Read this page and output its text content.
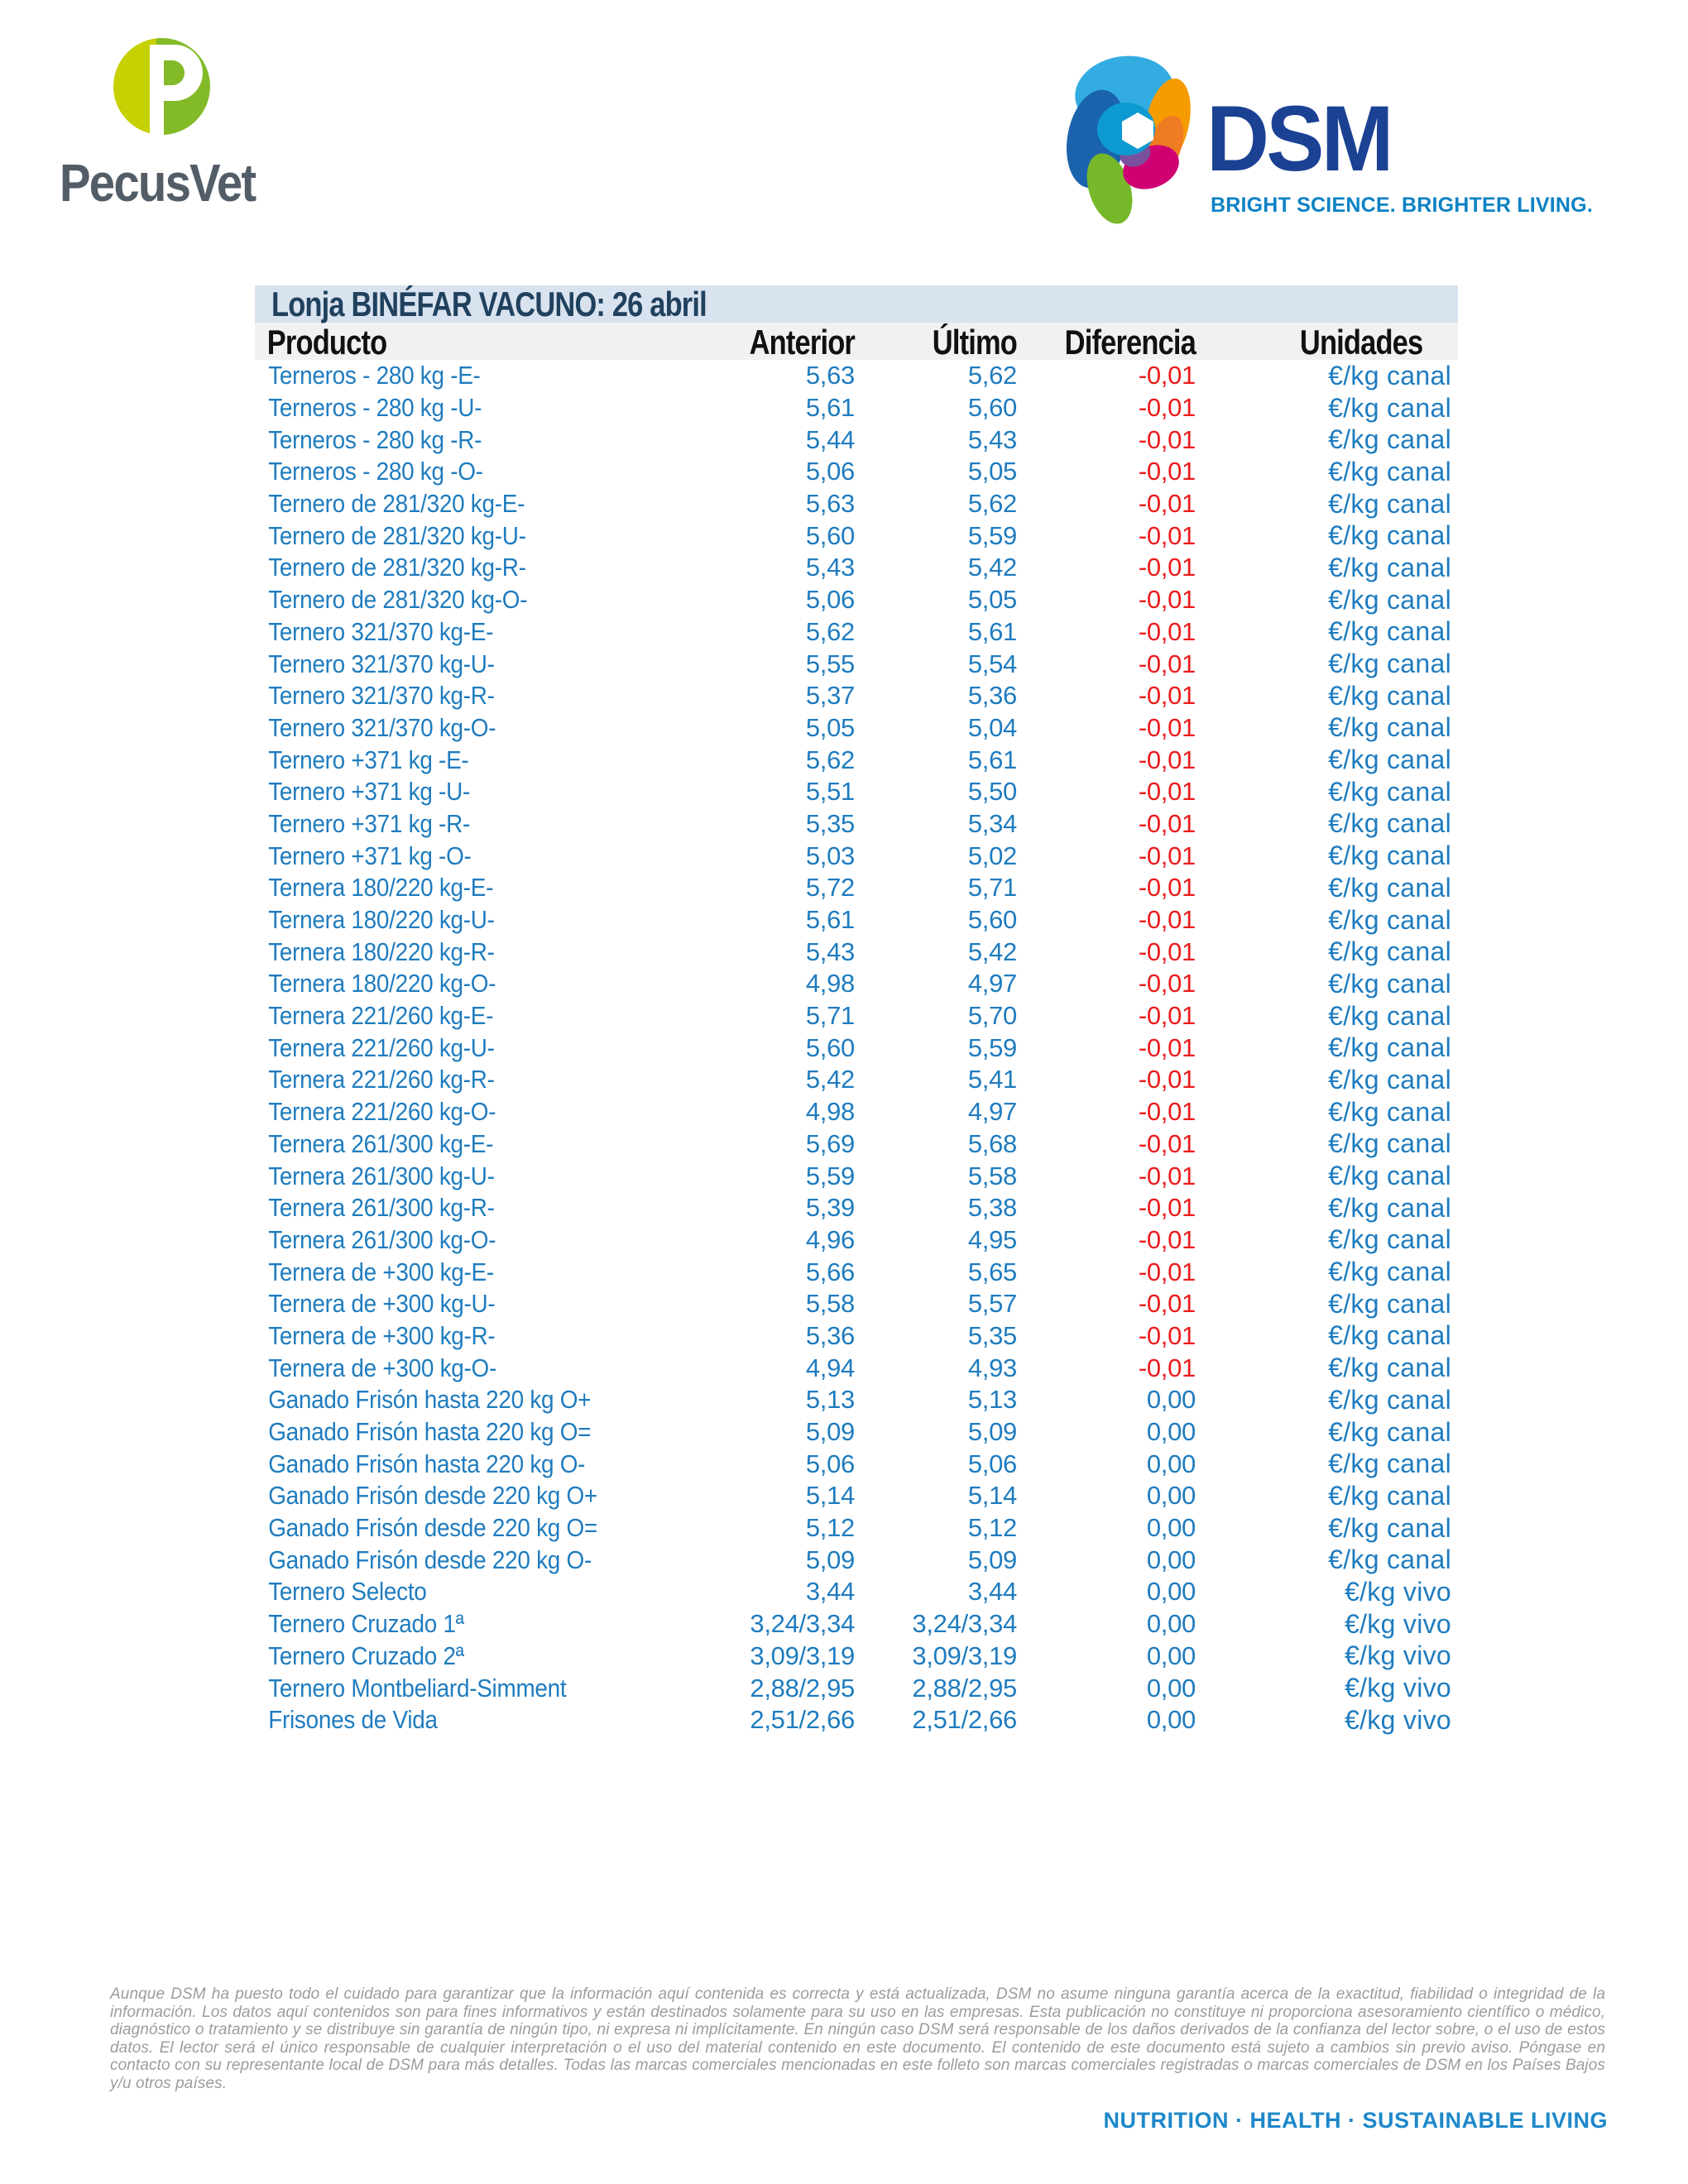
PecusVet	DSM
BRIGHT SCIENCE. BRIGHTER LIVING.
Lonja BINÉFAR VACUNO: 26 abril
Producto	Anterior	Último	Diferencia	Unidades
Terneros - 280 kg -E-	5,63	5,62	-0,01	€/kg canal
Terneros - 280 kg -U-	5,61	5,60	-0,01	€/kg canal
Terneros - 280 kg -R-	5,44	5,43	-0,01	€/kg canal
Terneros - 280 kg -O-	5,06	5,05	-0,01	€/kg canal
Ternero de 281/320 kg-E-	5,63	5,62	-0,01	€/kg canal
Ternero de 281/320 kg-U-	5,60	5,59	-0,01	€/kg canal
Ternero de 281/320 kg-R-	5,43	5,42	-0,01	€/kg canal
Ternero de 281/320 kg-O-	5,06	5,05	-0,01	€/kg canal
Ternero 321/370 kg-E-	5,62	5,61	-0,01	€/kg canal
Ternero 321/370 kg-U-	5,55	5,54	-0,01	€/kg canal
Ternero 321/370 kg-R-	5,37	5,36	-0,01	€/kg canal
Ternero 321/370 kg-O-	5,05	5,04	-0,01	€/kg canal
Ternero +371 kg -E-	5,62	5,61	-0,01	€/kg canal
Ternero +371 kg -U-	5,51	5,50	-0,01	€/kg canal
Ternero +371 kg -R-	5,35	5,34	-0,01	€/kg canal
Ternero +371 kg -O-	5,03	5,02	-0,01	€/kg canal
Ternera 180/220 kg-E-	5,72	5,71	-0,01	€/kg canal
Ternera 180/220 kg-U-	5,61	5,60	-0,01	€/kg canal
Ternera 180/220 kg-R-	5,43	5,42	-0,01	€/kg canal
Ternera 180/220 kg-O-	4,98	4,97	-0,01	€/kg canal
Ternera 221/260 kg-E-	5,71	5,70	-0,01	€/kg canal
Ternera 221/260 kg-U-	5,60	5,59	-0,01	€/kg canal
Ternera 221/260 kg-R-	5,42	5,41	-0,01	€/kg canal
Ternera 221/260 kg-O-	4,98	4,97	-0,01	€/kg canal
Ternera 261/300 kg-E-	5,69	5,68	-0,01	€/kg canal
Ternera 261/300 kg-U-	5,59	5,58	-0,01	€/kg canal
Ternera 261/300 kg-R-	5,39	5,38	-0,01	€/kg canal
Ternera 261/300 kg-O-	4,96	4,95	-0,01	€/kg canal
Ternera de +300 kg-E-	5,66	5,65	-0,01	€/kg canal
Ternera de +300 kg-U-	5,58	5,57	-0,01	€/kg canal
Ternera de +300 kg-R-	5,36	5,35	-0,01	€/kg canal
Ternera de +300 kg-O-	4,94	4,93	-0,01	€/kg canal
Ganado Frisón hasta 220 kg O+	5,13	5,13	0,00	€/kg canal
Ganado Frisón hasta 220 kg O=	5,09	5,09	0,00	€/kg canal
Ganado Frisón hasta 220 kg O-	5,06	5,06	0,00	€/kg canal
Ganado Frisón desde 220 kg O+	5,14	5,14	0,00	€/kg canal
Ganado Frisón desde 220 kg O=	5,12	5,12	0,00	€/kg canal
Ganado Frisón desde 220 kg O-	5,09	5,09	0,00	€/kg canal
Ternero Selecto	3,44	3,44	0,00	€/kg vivo
Ternero Cruzado 1ª	3,24/3,34	3,24/3,34	0,00	€/kg vivo
Ternero Cruzado 2ª	3,09/3,19	3,09/3,19	0,00	€/kg vivo
Ternero Montbeliard-Simment	2,88/2,95	2,88/2,95	0,00	€/kg vivo
Frisones de Vida	2,51/2,66	2,51/2,66	0,00	€/kg vivo
Aunque DSM ha puesto todo el cuidado para garantizar que la información aquí contenida es correcta y está actualizada, DSM no asume ninguna garantía acerca de la exactitud, fiabilidad o integridad de la información. Los datos aquí contenidos son para fines informativos y están destinados solamente para su uso en las empresas. Esta publicación no constituye ni proporciona asesoramiento científico o médico, diagnóstico o tratamiento y se distribuye sin garantía de ningún tipo, ni expresa ni implícitamente. En ningún caso DSM será responsable de los daños derivados de la confianza del lector sobre, o el uso de estos datos. El lector será el único responsable de cualquier interpretación o el uso del material contenido en este documento. El contenido de este documento está sujeto a cambios sin previo aviso. Póngase en contacto con su representante local de DSM para más detalles. Todas las marcas comerciales mencionadas en este folleto son marcas comerciales registradas o marcas comerciales de DSM en los Países Bajos y/u otros países.
NUTRITION · HEALTH · SUSTAINABLE LIVING
